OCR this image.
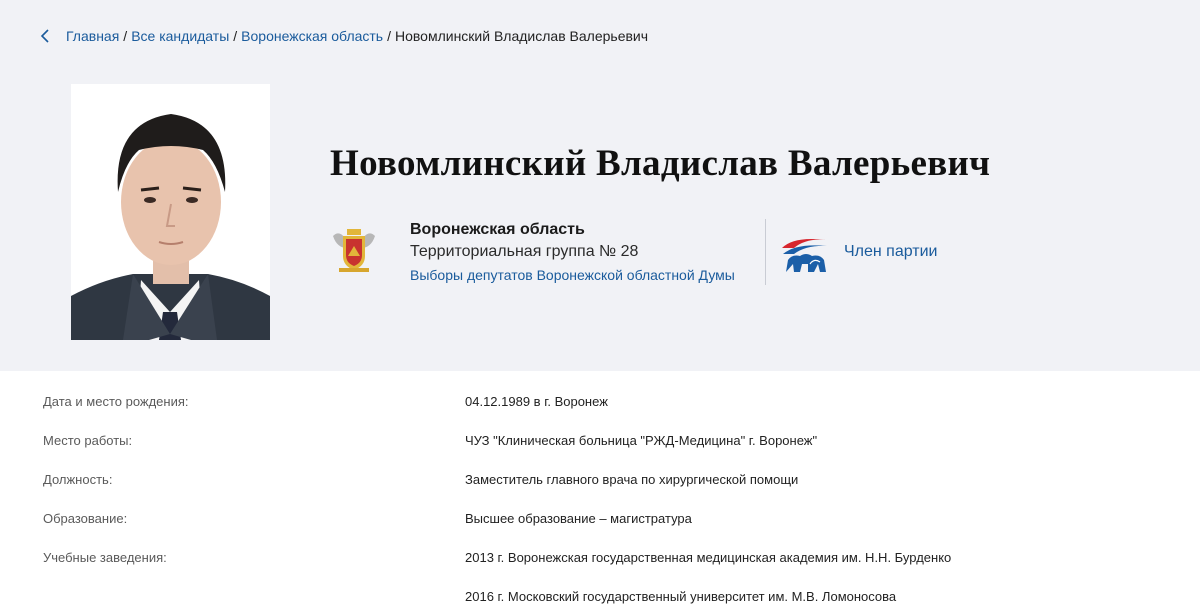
Главная / Все кандидаты / Воронежская область / Новомлинский Владислав Валерьевич
Новомлинский Владислав Валерьевич
Воронежская область
Территориальная группа № 28
Выборы депутатов Воронежской областной Думы
Член партии
Дата и место рождения:	04.12.1989 в г. Воронеж
Место работы:	ЧУЗ "Клиническая больница "РЖД-Медицина" г. Воронеж"
Должность:	Заместитель главного врача по хирургической помощи
Образование:	Высшее образование – магистратура
Учебные заведения:	2013 г. Воронежская государственная медицинская академия им. Н.Н. Бурденко
2016 г. Московский государственный университет им. М.В. Ломоносова
